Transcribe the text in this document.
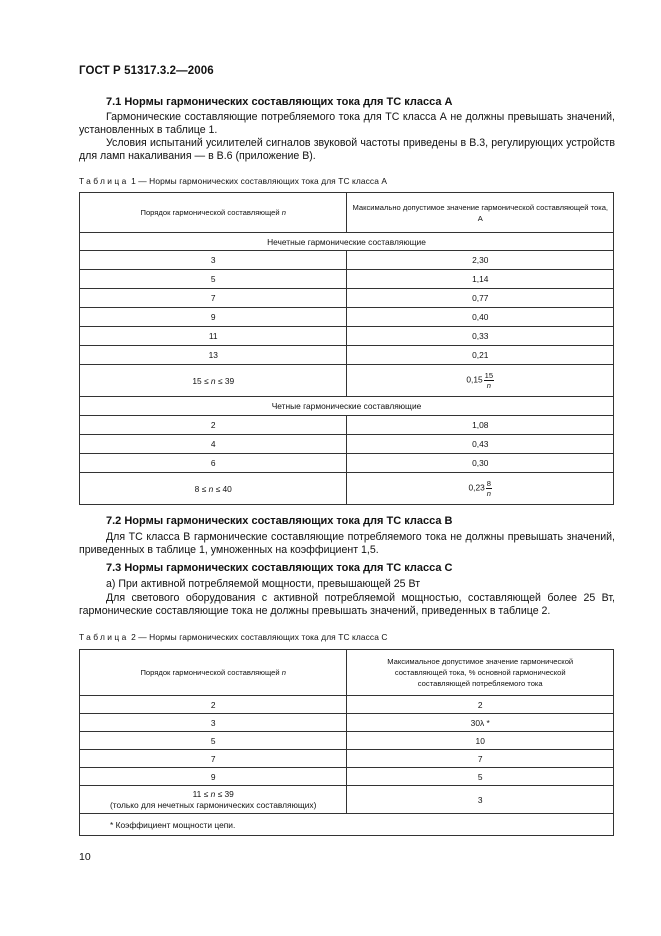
ГОСТ Р 51317.3.2—2006
7.1 Нормы гармонических составляющих тока для ТС класса А
Гармонические составляющие потребляемого тока для ТС класса А не должны превышать значений, установленных в таблице 1.
Условия испытаний усилителей сигналов звуковой частоты приведены в В.3, регулирующих устройств для ламп накаливания — в В.6 (приложение В).
Таблица 1 — Нормы гармонических составляющих тока для ТС класса А
Порядок гармонической составляющей n	Максимально допустимое значение гармонической составляющей тока, А
Нечетные гармонические составляющие	
3	2,30
5	1,14
7	0,77
9	0,40
11	0,33
13	0,21
15 ≤ n ≤ 39	$0,15 \frac{15}{n}$

Четные гармонические составляющие	
2	1,08
4	0,43
6	0,30
8 ≤ n ≤ 40	$0,23 \frac{8}{n}$
7.2 Нормы гармонических составляющих тока для ТС класса В
Для ТС класса В гармонические составляющие потребляемого тока не должны превышать значений, приведенных в таблице 1, умноженных на коэффициент 1,5.
7.3 Нормы гармонических составляющих тока для ТС класса С
а) При активной потребляемой мощности, превышающей 25 Вт
Для светового оборудования с активной потребляемой мощностью, составляющей более 25 Вт, гармонические составляющие тока не должны превышать значений, приведенных в таблице 2.
Таблица 2 — Нормы гармонических составляющих тока для ТС класса С
Порядок гармонической составляющей n	Максимальное допустимое значение гармонической составляющей тока, % основной гармонической составляющей потребляемого тока
2	2
3	30λ *
5	10
7	7
9	5
11 ≤ n ≤ 39
(только для нечетных гармонических составляющих)	3
* Коэффициент мощности цепи.	
10
